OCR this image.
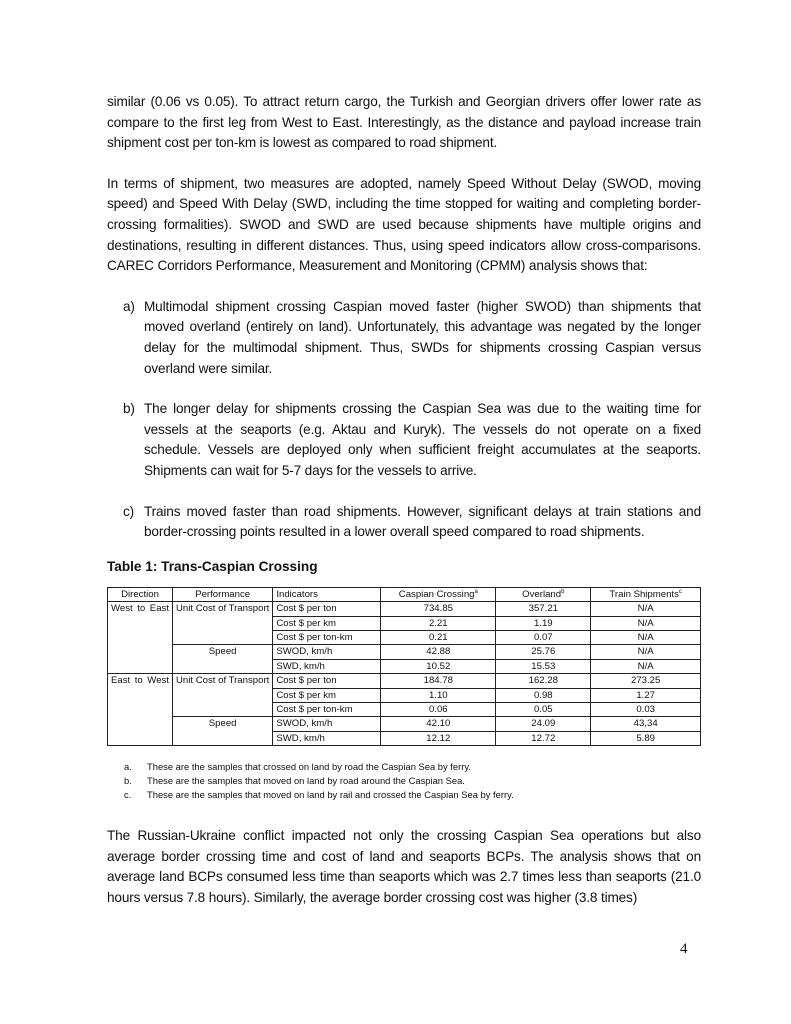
similar (0.06 vs 0.05). To attract return cargo, the Turkish and Georgian drivers offer lower rate as compare to the first leg from West to East. Interestingly, as the distance and payload increase train shipment cost per ton-km is lowest as compared to road shipment.

In terms of shipment, two measures are adopted, namely Speed Without Delay (SWOD, moving speed) and Speed With Delay (SWD, including the time stopped for waiting and completing border-crossing formalities). SWOD and SWD are used because shipments have multiple origins and destinations, resulting in different distances. Thus, using speed indicators allow cross-comparisons. CAREC Corridors Performance, Measurement and Monitoring (CPMM) analysis shows that:

a) Multimodal shipment crossing Caspian moved faster (higher SWOD) than shipments that moved overland (entirely on land). Unfortunately, this advantage was negated by the longer delay for the multimodal shipment. Thus, SWDs for shipments crossing Caspian versus overland were similar.
b) The longer delay for shipments crossing the Caspian Sea was due to the waiting time for vessels at the seaports (e.g. Aktau and Kuryk). The vessels do not operate on a fixed schedule. Vessels are deployed only when sufficient freight accumulates at the seaports. Shipments can wait for 5-7 days for the vessels to arrive.
c) Trains moved faster than road shipments. However, significant delays at train stations and border-crossing points resulted in a lower overall speed compared to road shipments.
Table 1: Trans-Caspian Crossing
Direction	Performance	Indicators	Caspian Crossing$^a$	Overland$^b$	Train Shipments$^c$
West to East	Unit Cost of Transport	Cost $ per ton	734.85	357.21	N/A
		Cost $ per km	2.21	1.19	N/A
		Cost $ per ton-km	0.21	0.07	N/A
	Speed	SWOD, km/h	42.88	25.76	N/A
		SWD, km/h	10.52	15.53	N/A
East to West	Unit Cost of Transport	Cost $ per ton	184.78	162.28	273.25
		Cost $ per km	1.10	0.98	1.27
		Cost $ per ton-km	0.06	0.05	0.03
	Speed	SWOD, km/h	42.10	24.09	43,34
		SWD, km/h	12.12	12.72	5.89
a. These are the samples that crossed on land by road the Caspian Sea by ferry.
b. These are the samples that moved on land by road around the Caspian Sea.
c. These are the samples that moved on land by rail and crossed the Caspian Sea by ferry.

The Russian-Ukraine conflict impacted not only the crossing Caspian Sea operations but also average border crossing time and cost of land and seaports BCPs. The analysis shows that on average land BCPs consumed less time than seaports which was 2.7 times less than seaports (21.0 hours versus 7.8 hours). Similarly, the average border crossing cost was higher (3.8 times)

4
